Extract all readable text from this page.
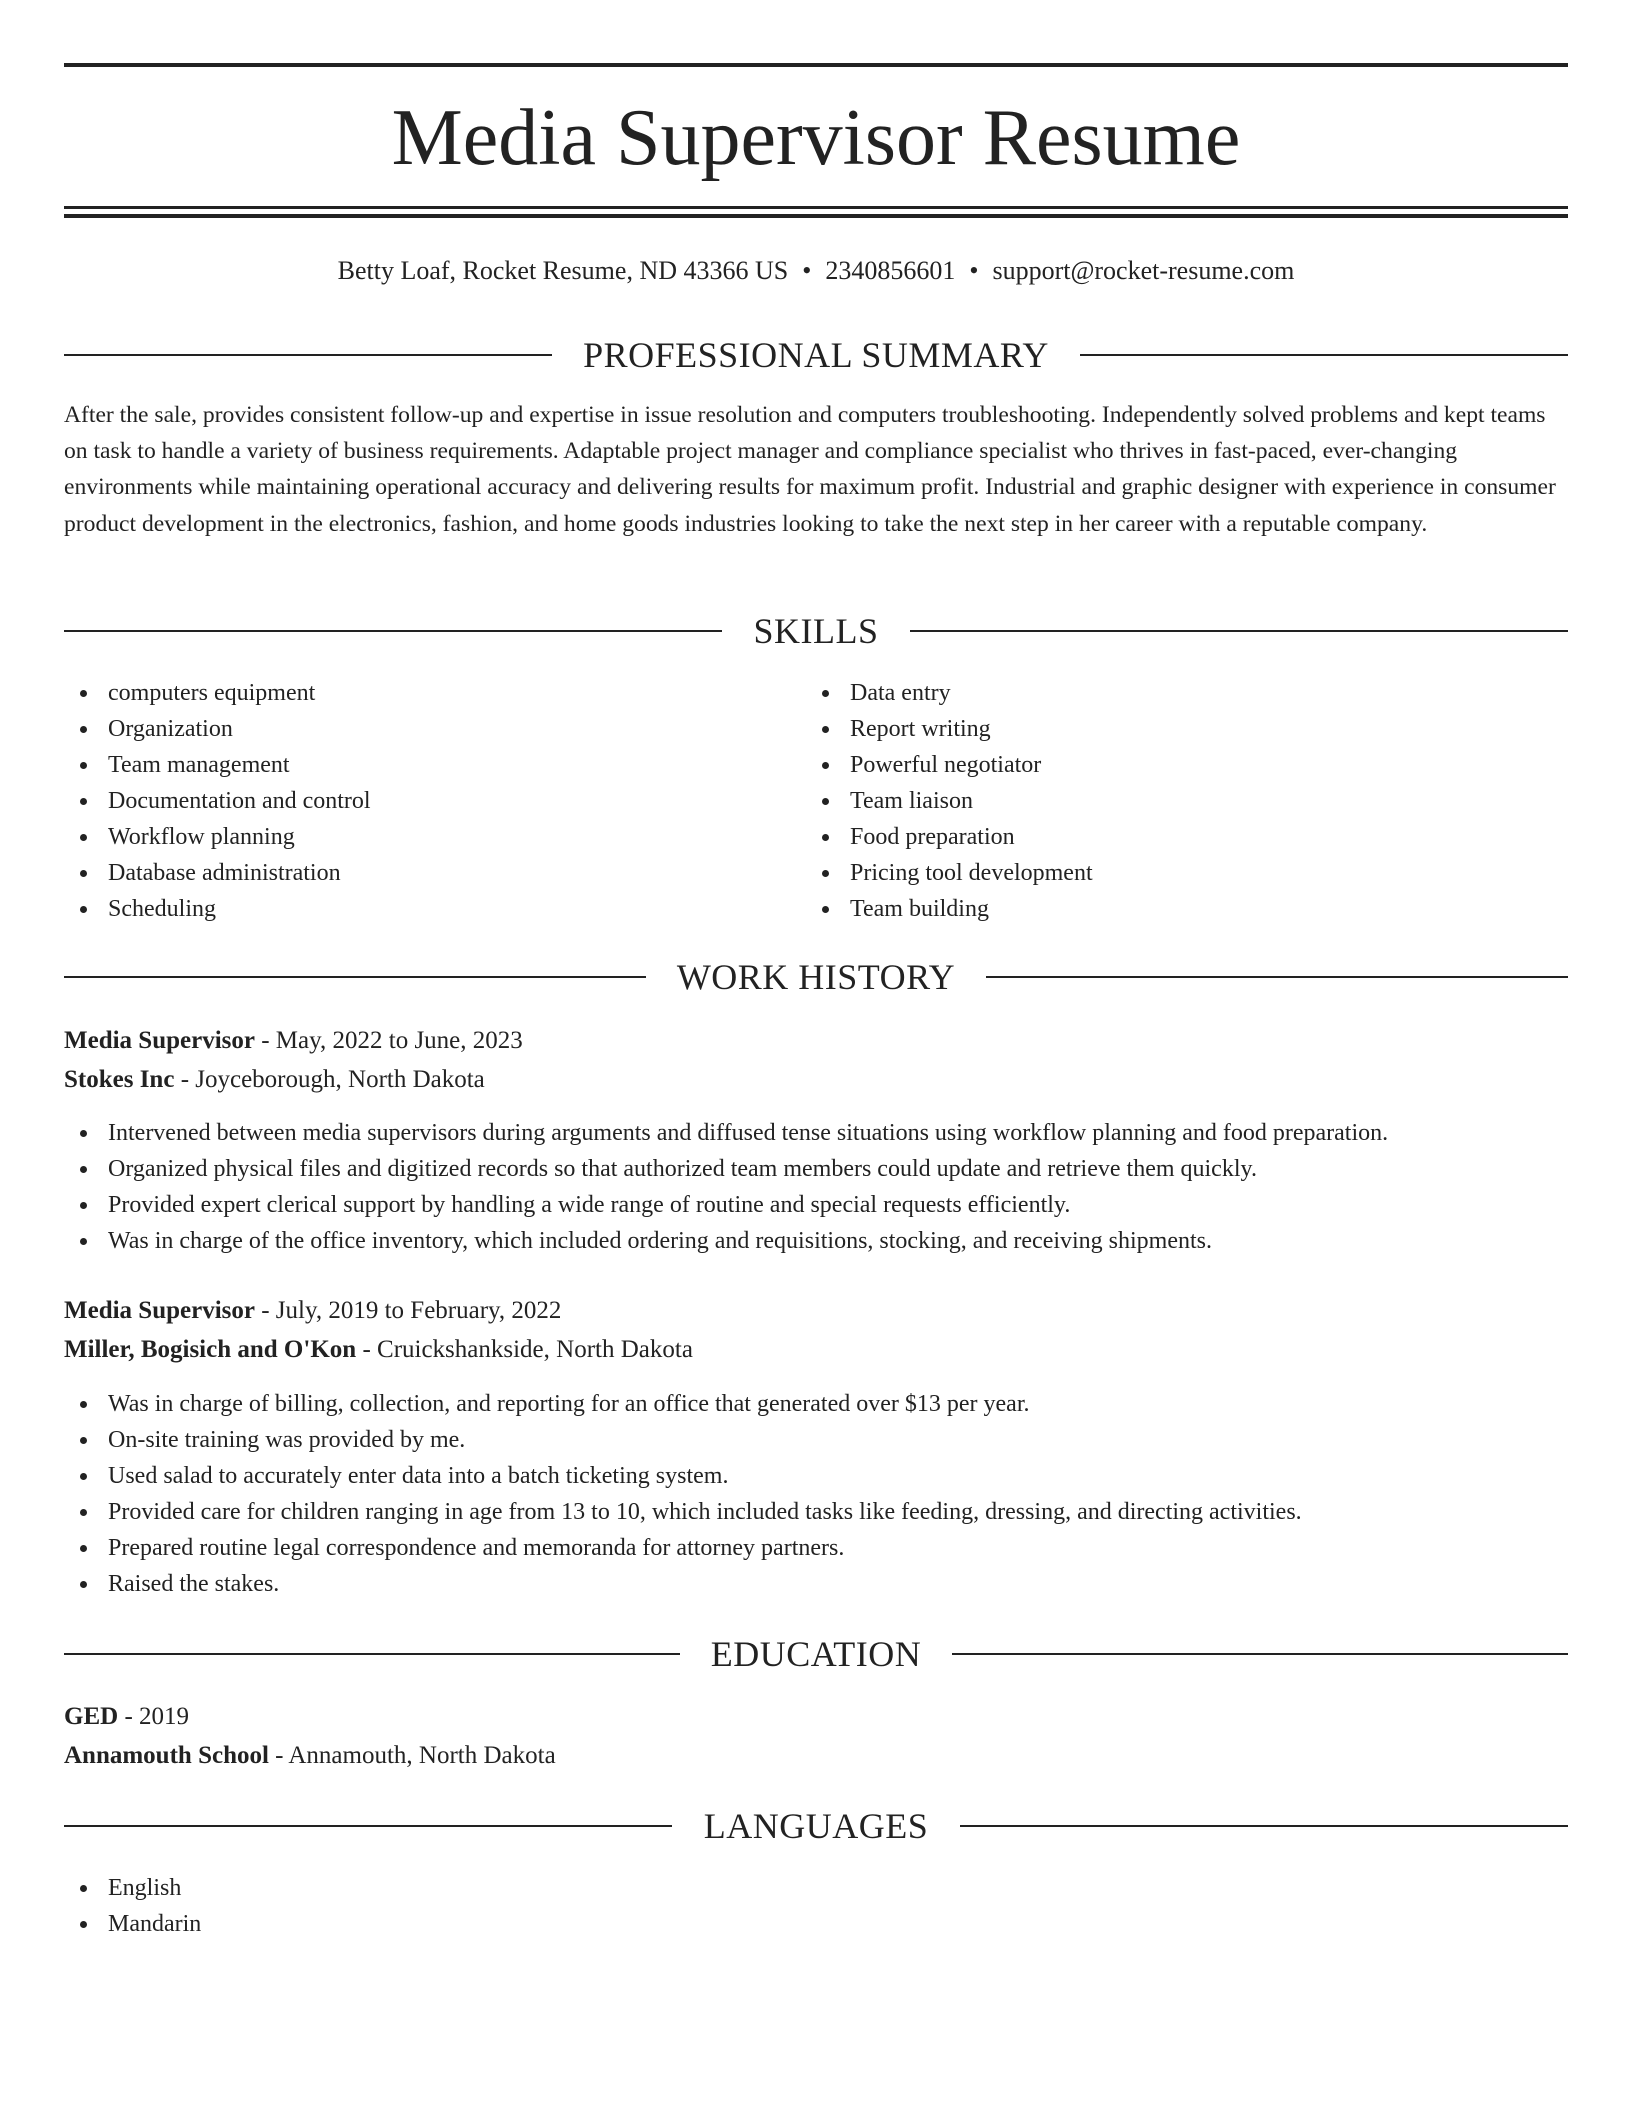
Media Supervisor Resume
Betty Loaf, Rocket Resume, ND 43366 US • 2340856601 • support@rocket-resume.com
PROFESSIONAL SUMMARY

After the sale, provides consistent follow-up and expertise in issue resolution and computers troubleshooting. Independently solved problems and kept teams on task to handle a variety of business requirements. Adaptable project manager and compliance specialist who thrives in fast-paced, ever-changing environments while maintaining operational accuracy and delivering results for maximum profit. Industrial and graphic designer with experience in consumer product development in the electronics, fashion, and home goods industries looking to take the next step in her career with a reputable company.

SKILLS
computers equipment
Organization
Team management
Documentation and control
Workflow planning
Database administration
Scheduling
Data entry
Report writing
Powerful negotiator
Team liaison
Food preparation
Pricing tool development
Team building
WORK HISTORY
Media Supervisor - May, 2022 to June, 2023
Stokes Inc - Joyceborough, North Dakota
Intervened between media supervisors during arguments and diffused tense situations using workflow planning and food preparation.
Organized physical files and digitized records so that authorized team members could update and retrieve them quickly.
Provided expert clerical support by handling a wide range of routine and special requests efficiently.
Was in charge of the office inventory, which included ordering and requisitions, stocking, and receiving shipments.
Media Supervisor - July, 2019 to February, 2022
Miller, Bogisich and O'Kon - Cruickshankside, North Dakota
Was in charge of billing, collection, and reporting for an office that generated over $13 per year.
On-site training was provided by me.
Used salad to accurately enter data into a batch ticketing system.
Provided care for children ranging in age from 13 to 10, which included tasks like feeding, dressing, and directing activities.
Prepared routine legal correspondence and memoranda for attorney partners.
Raised the stakes.
EDUCATION
GED - 2019
Annamouth School - Annamouth, North Dakota
LANGUAGES
English
Mandarin
